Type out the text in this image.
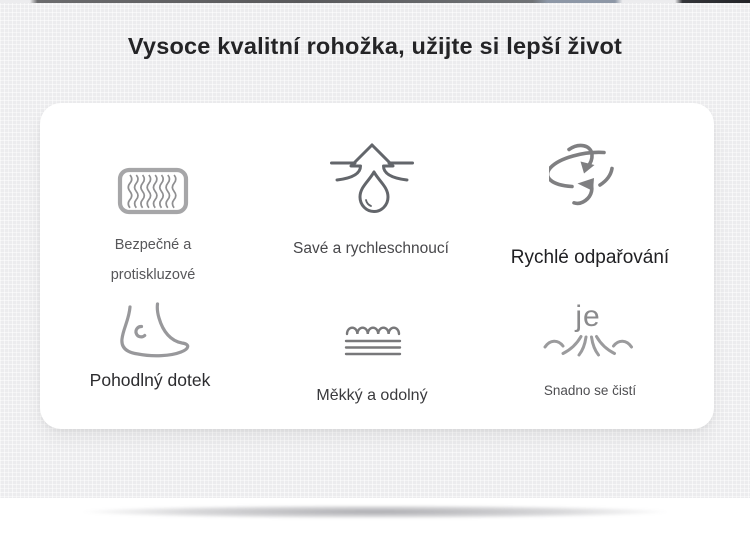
Vysoce kvalitní rohožka, užijte si lepší život
Bezpečné a
protiskluzové
Savé a rychleschnoucí	Rychlé odpařování
Pohodlný dotek
Měkký a odolný
je
Snadno se čistí
